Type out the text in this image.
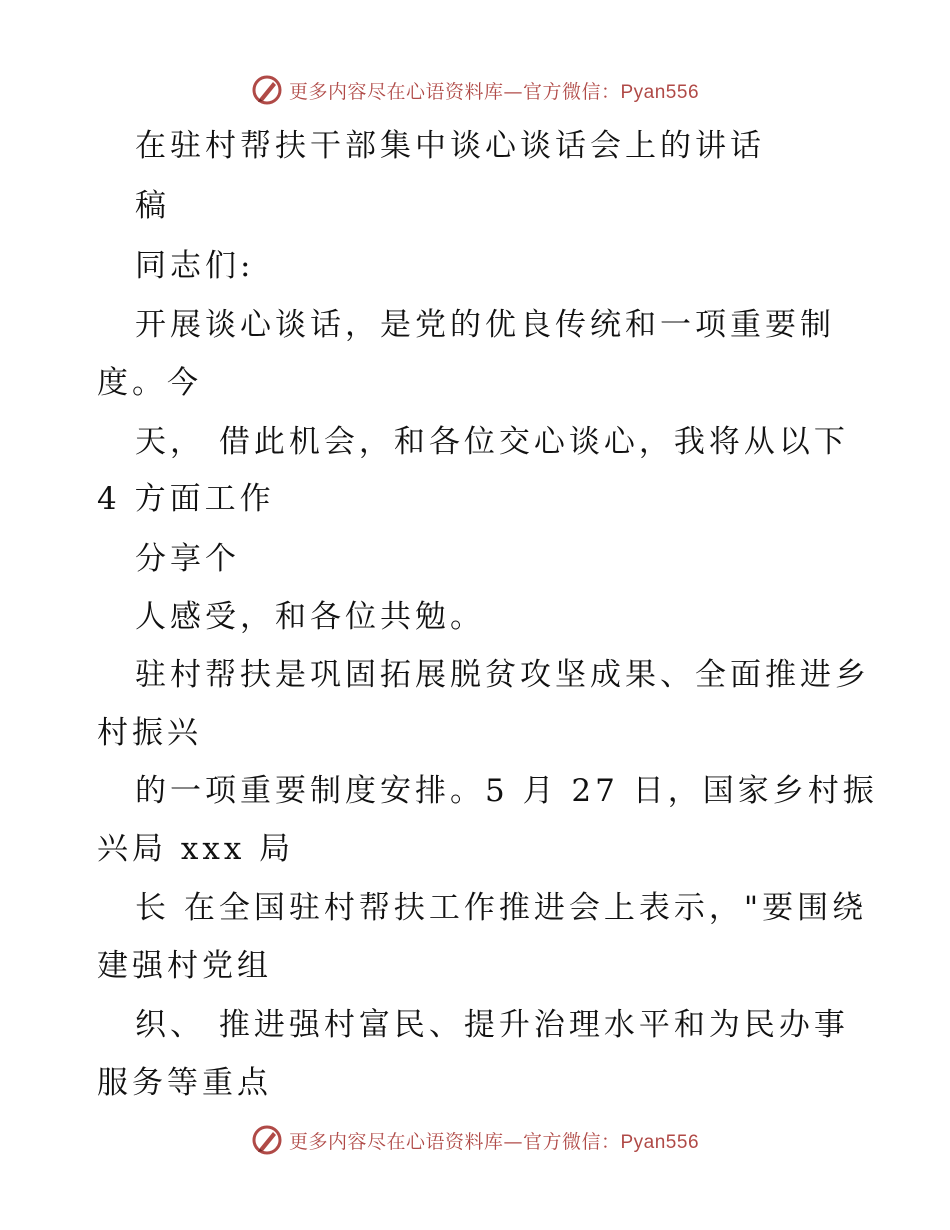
更多内容尽在心语资料库—官方微信：Pyan556
在驻村帮扶干部集中谈心谈话会上的讲话
稿
同志们:
开展谈心谈话，是党的优良传统和一项重要制
度。今
天， 借此机会，和各位交心谈心，我将从以下
4 方面工作
分享个
人感受，和各位共勉。
驻村帮扶是巩固拓展脱贫攻坚成果、全面推进乡
村振兴
的一项重要制度安排。5 月 27 日，国家乡村振
兴局 xxx 局
长 在全国驻村帮扶工作推进会上表示，"要围绕
建强村党组
织、 推进强村富民、提升治理水平和为民办事
服务等重点
更多内容尽在心语资料库—官方微信：Pyan556
